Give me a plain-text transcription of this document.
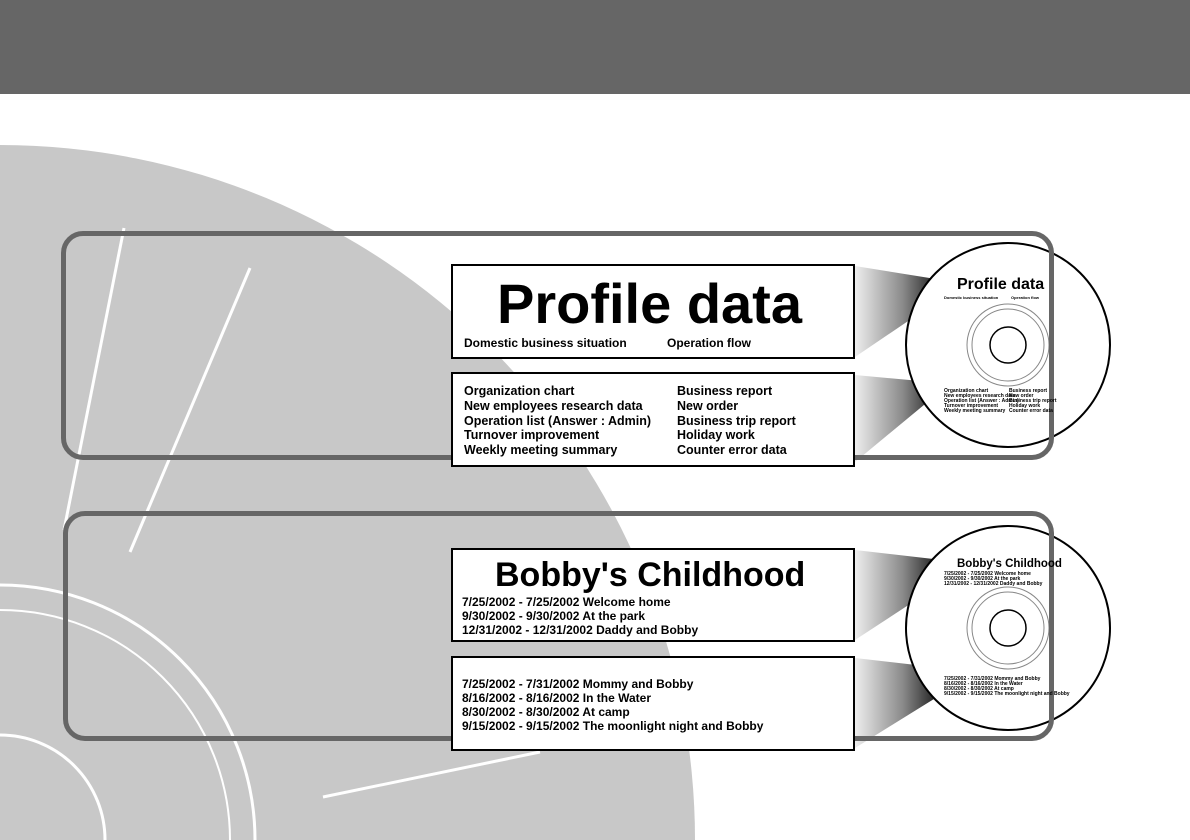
Profile data
Domestic business situation	Operation flow
Organization chart
New employees research data
Operation list (Answer : Admin)
Turnover improvement
Weekly meeting summary
Business report
New order
Business trip report
Holiday work
Counter error data
Bobby's Childhood
7/25/2002 - 7/25/2002 Welcome home
9/30/2002 - 9/30/2002 At the park
12/31/2002 - 12/31/2002 Daddy and Bobby
7/25/2002 - 7/31/2002 Mommy and Bobby
8/16/2002 - 8/16/2002 In the Water
8/30/2002 - 8/30/2002 At camp
9/15/2002 - 9/15/2002 The moonlight night and Bobby
Profile data
Domestic business situation	Operation flow
Organization chart
New employees research data
Operation list (Answer : Admin)
Turnover improvement
Weekly meeting summary
Business report
New order
Business trip report
Holiday work
Counter error data
Bobby's Childhood
7/25/2002 - 7/25/2002 Welcome home
9/30/2002 - 9/30/2002 At the park
12/31/2002 - 12/31/2002 Daddy and Bobby
7/25/2002 - 7/31/2002 Mommy and Bobby
8/16/2002 - 8/16/2002 In the Water
8/30/2002 - 8/30/2002 At camp
9/15/2002 - 9/15/2002 The moonlight night and Bobby
